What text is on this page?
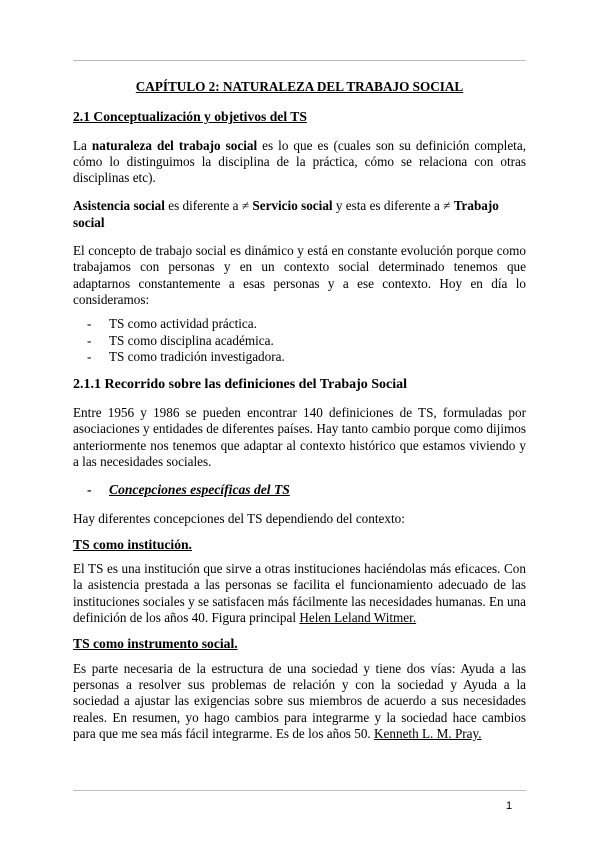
CAPÍTULO 2: NATURALEZA DEL TRABAJO SOCIAL
2.1 Conceptualización y objetivos del TS

La naturaleza del trabajo social es lo que es (cuales son su definición completa, cómo lo distinguimos la disciplina de la práctica, cómo se relaciona con otras disciplinas etc).

Asistencia social es diferente a ≠ Servicio social y esta es diferente a ≠ Trabajo social

El concepto de trabajo social es dinámico y está en constante evolución porque como trabajamos con personas y en un contexto social determinado tenemos que adaptarnos constantemente a esas personas y a ese contexto. Hoy en día lo consideramos:

- TS como actividad práctica.
- TS como disciplina académica.
- TS como tradición investigadora.
2.1.1 Recorrido sobre las definiciones del Trabajo Social

Entre 1956 y 1986 se pueden encontrar 140 definiciones de TS, formuladas por asociaciones y entidades de diferentes países. Hay tanto cambio porque como dijimos anteriormente nos tenemos que adaptar al contexto histórico que estamos viviendo y a las necesidades sociales.

- Concepciones específicas del TS

Hay diferentes concepciones del TS dependiendo del contexto:

TS como institución.

El TS es una institución que sirve a otras instituciones haciéndolas más eficaces. Con la asistencia prestada a las personas se facilita el funcionamiento adecuado de las instituciones sociales y se satisfacen más fácilmente las necesidades humanas. En una definición de los años 40. Figura principal Helen Leland Witmer.

TS como instrumento social.

Es parte necesaria de la estructura de una sociedad y tiene dos vías: Ayuda a las personas a resolver sus problemas de relación y con la sociedad y Ayuda a la sociedad a ajustar las exigencias sobre sus miembros de acuerdo a sus necesidades reales. En resumen, yo hago cambios para integrarme y la sociedad hace cambios para que me sea más fácil integrarme. Es de los años 50. Kenneth L. M. Pray.

1
